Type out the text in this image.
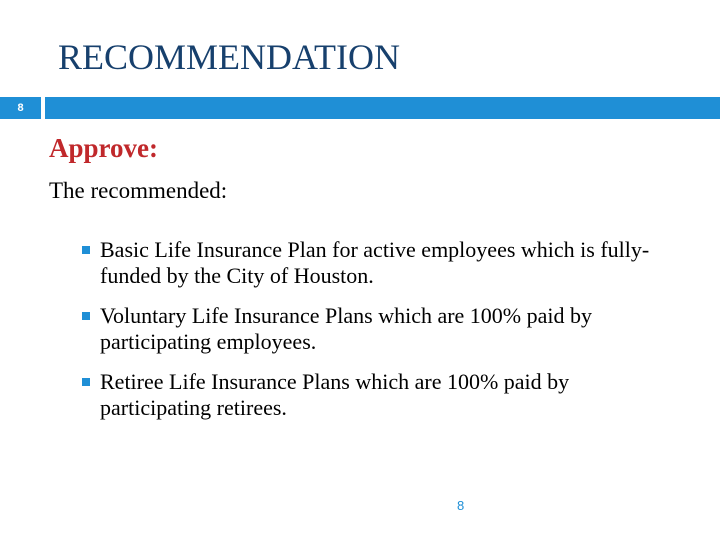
RECOMMENDATION
8
Approve:
The recommended:
Basic Life Insurance Plan for active employees which is fully-funded by the City of Houston.
Voluntary Life Insurance Plans which are 100% paid by participating employees.
Retiree Life Insurance Plans which are 100% paid by participating retirees.
8
